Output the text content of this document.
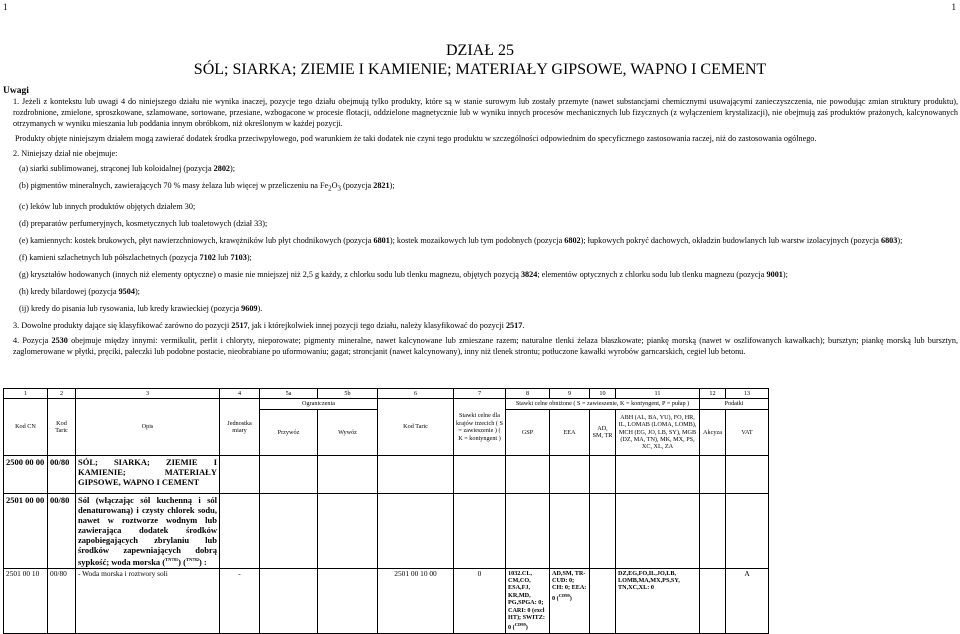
1	1
DZIAŁ 25
SÓL; SIARKA; ZIEMIE I KAMIENIE; MATERIAŁY GIPSOWE, WAPNO I CEMENT
Uwagi

1. Jeżeli z kontekstu lub uwagi 4 do niniejszego działu nie wynika inaczej, pozycje tego działu obejmują tylko produkty, które są w stanie surowym lub zostały przemyte (nawet substancjami chemicznymi usuwającymi zanieczyszczenia, nie powodując zmian struktury produktu), rozdrobnione, zmielone, sproszkowane, szlamowane, sortowane, przesiane, wzbogacone w procesie flotacji, oddzielone magnetycznie lub w wyniku innych procesów mechanicznych lub fizycznych (z wyłączeniem krystalizacji), nie obejmują zaś produktów prażonych, kalcynowanych otrzymanych w wyniku mieszania lub poddania innym obróbkom, niż określonym w każdej pozycji.

Produkty objęte niniejszym działem mogą zawierać dodatek środka przeciwpyłowego, pod warunkiem że taki dodatek nie czyni tego produktu w szczególności odpowiednim do specyficznego zastosowania raczej, niż do zastosowania ogólnego.

2. Niniejszy dział nie obejmuje:

(a) siarki sublimowanej, strąconej lub koloidalnej (pozycja 2802);

(b) pigmentów mineralnych, zawierających 70 % masy żelaza lub więcej w przeliczeniu na $Fe_2O_3$ (pozycja 2821);

(c) leków lub innych produktów objętych działem 30;

(d) preparatów perfumeryjnych, kosmetycznych lub toaletowych (dział 33);

(e) kamiennych: kostek brukowych, płyt nawierzchniowych, krawężników lub płyt chodnikowych (pozycja 6801); kostek mozaikowych lub tym podobnych (pozycja 6802); łupkowych pokryć dachowych, okładzin budowlanych lub warstw izolacyjnych (pozycja 6803);

(f) kamieni szlachetnych lub półszlachetnych (pozycja 7102 lub 7103);

(g) kryształów hodowanych (innych niż elementy optyczne) o masie nie mniejszej niż 2,5 g każdy, z chlorku sodu lub tlenku magnezu, objętych pozycją 3824; elementów optycznych z chlorku sodu lub tlenku magnezu (pozycja 9001);

(h) kredy bilardowej (pozycja 9504);

(ij) kredy do pisania lub rysowania, lub kredy krawieckiej (pozycja 9609).

3. Dowolne produkty dające się klasyfikować zarówno do pozycji 2517, jak i którejkolwiek innej pozycji tego działu, należy klasyfikować do pozycji 2517.

4. Pozycja 2530 obejmuje między innymi: vermikulit, perlit i chloryty, nieporowate; pigmenty mineralne, nawet kalcynowane lub zmieszane razem; naturalne tlenki żelaza błaszkowate; piankę morską (nawet w oszlifowanych kawałkach); bursztyn; piankę morską lub bursztyn, zaglomerowane w płytki, pręciki, pałeczki lub podobne postacie, nieobrabiane po uformowaniu; gagat; stroncjanit (nawet kalcynowany), inny niż tlenek strontu; potłuczone kawałki wyrobów garncarskich, cegieł lub betonu.

1	2	3	4	5a	5b	6	7	8	9	10	11	12	13
Kod CN	Kod Taric	Opis	Jednostka miary	Ograniczenia		Kod Taric	Stawki celne dla krajów trzecich ( S = zawieszenie ) ( K = kontyngent )	Stawki celne obniżone ( S = zawieszenie, K = kontyngent, P = pułap )				Podatki	
				Przywóz	Wywóz			GSP	EEA	AD, SM, TR	ABH (AL, BA, YU), FO, HR, IL, LOMAB (LOMA, LOMB), MCH (EG, JO, LB, SY), MGB (DZ, MA, TN), MK, MX, PS, XC, XL, ZA	Akcyza	VAT
2500 00 00	00/80	SÓL; SIARKA; ZIEMIE I KAMIENIE; MATERIAŁY GIPSOWE, WAPNO I CEMENT											
2501 00 00	00/80	Sól (włączając sól kuchenną i sól denaturowaną) i czysty chlorek sodu, nawet w roztworze wodnym lub zawierająca dodatek środków zapobiegających zbrylaniu lub środków zapewniających dobrą sypkość; woda morska ($^{TN781}$) ($^{TN782}$) :											
2501 00 10	00/80	- Woda morska i roztwory soli	-			2501 00 10 00	0	1032.CL, CM,CO, ESA,FJ, KR,MD, PG,SPGA: 0; CARI: 0 (excl HT); SWITZ: 0 ($^{CD99}$)	AD,SM, TR-CUD: 0; CH: 0; EEA: 0 ($^{CD99}$)		DZ,EG,FO,IL,JO,LB, LOMB,MA,MX,PS,SY, TN,XC,XL: 0		A
